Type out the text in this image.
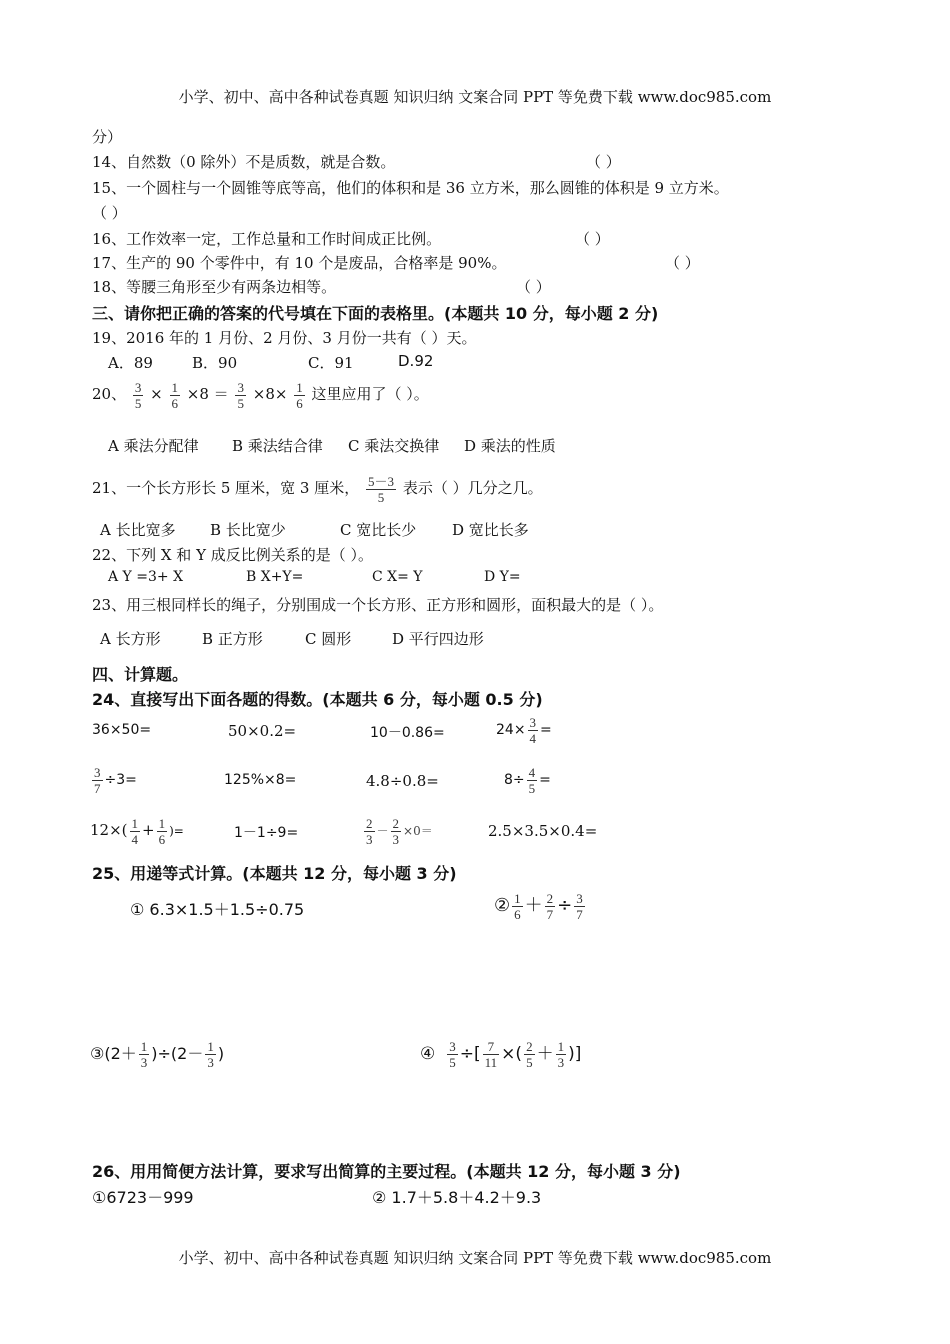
小学、初中、高中各种试卷真题 知识归纳 文案合同 PPT 等免费下载 www.doc985.com
分）
14、自然数（0 除外）不是质数，就是合数。	（ ）
15、一个圆柱与一个圆锥等底等高，他们的体积和是 36 立方米，那么圆锥的体积是 9 立方米。
（ ）
16、工作效率一定，工作总量和工作时间成正比例。	（ ）
17、生产的 90 个零件中，有 10 个是废品，合格率是 90%。	（ ）
18、等腰三角形至少有两条边相等。	（ ）
三、请你把正确的答案的代号填在下面的表格里。(本题共 10 分，每小题 2 分)
19、2016 年的 1 月份、2 月份、3 月份一共有（ ）天。
A．89	B．90	C．91	D.92
20、 $\frac{3}{5} \times \frac{1}{6} \times 8 = \frac{3}{5} \times 8\times \frac{1}{6}$ 这里应用了（ ）。
A 乘法分配律 B 乘法结合律 C 乘法交换律 D 乘法的性质
21、一个长方形长 5 厘米，宽 3 厘米， $\frac{5-3}{5}$ 表示（ ）几分之几。
A 长比宽多 B 长比宽少	C 宽比长少 D 宽比长多
22、下列 X 和 Y 成反比例关系的是（ ）。
A Y =3+ X	B X+Y=	C X= Y	D Y=
23、用三根同样长的绳子，分别围成一个长方形、正方形和圆形，面积最大的是（ ）。
A 长方形	B 正方形	C 圆形	D 平行四边形
四、计算题。
24、直接写出下面各题的得数。(本题共 6 分，每小题 0.5 分)
36×50=	50×0.2=	10－0.86=	$24\times \frac{3}{4}$ =
$\frac{3}{7} \div 3=$	125%×8=	4.8÷0.8=	$8\div \frac{4}{5}$ =
$12\times( \frac{1}{4} + \frac{1}{6}$ )=	1－1÷9=	$\frac{2}{3} - \frac{2}{3} \times 0=$	2.5×3.5×0.4=
25、用递等式计算。(本题共 12 分，每小题 3 分)
① 6.3×1.5＋1.5÷0.75	② $\frac{1}{6} + \frac{2}{7} \div \frac{3}{7}$
③(2＋ $\frac{1}{3} )\div(2- \frac{1}{3}$ )	④ $\frac{3}{5}$ ÷[ $\frac{7}{11}$ ×( $\frac{2}{5} + \frac{1}{3}$ )]
26、用用简便方法计算，要求写出简算的主要过程。(本题共 12 分，每小题 3 分)
①6723－999	② 1.7＋5.8＋4.2＋9.3
小学、初中、高中各种试卷真题 知识归纳 文案合同 PPT 等免费下载 www.doc985.com
